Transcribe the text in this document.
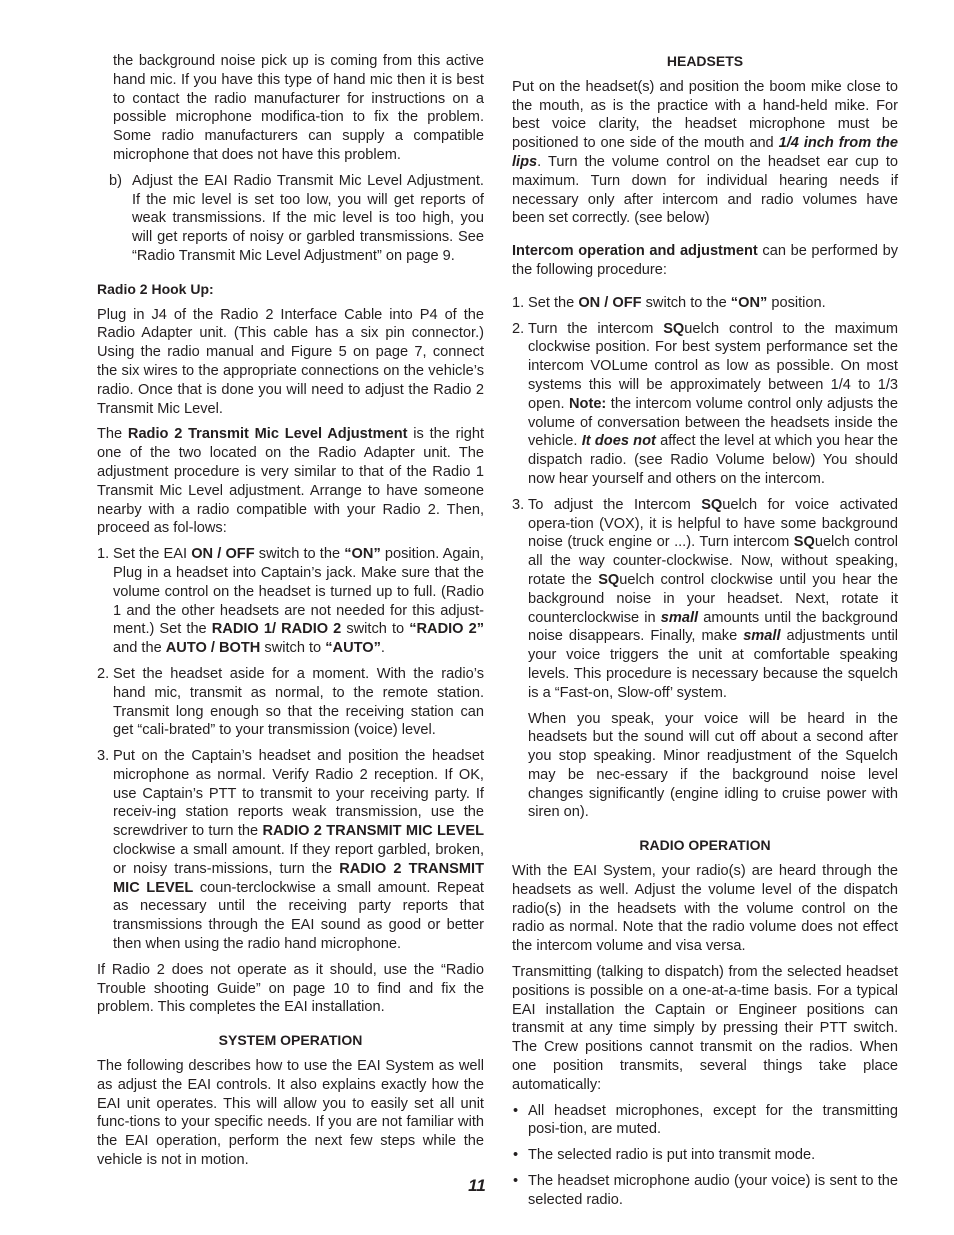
the background noise pick up is coming from this active hand mic. If you have this type of hand mic then it is best to contact the radio manufacturer for instructions on a possible microphone modifica-tion to fix the problem. Some radio manufacturers can supply a compatible microphone that does not have this problem.

b) Adjust the EAI Radio Transmit Mic Level Adjustment. If the mic level is set too low, you will get reports of weak transmissions. If the mic level is too high, you will get reports of noisy or garbled transmissions. See “Radio Transmit Mic Level Adjustment” on page 9.

Radio 2 Hook Up:

Plug in J4 of the Radio 2 Interface Cable into P4 of the Radio Adapter unit. (This cable has a six pin connector.) Using the radio manual and Figure 5 on page 7, connect the six wires to the appropriate connections on the vehicle’s radio. Once that is done you will need to adjust the Radio 2 Transmit Mic Level.

The Radio 2 Transmit Mic Level Adjustment is the right one of the two located on the Radio Adapter unit. The adjustment procedure is very similar to that of the Radio 1 Transmit Mic Level adjustment. Arrange to have someone nearby with a radio compatible with your Radio 2. Then, proceed as fol-lows:

1. Set the EAI ON / OFF switch to the “ON” position. Again, Plug in a headset into Captain’s jack. Make sure that the volume control on the headset is turned up to full. (Radio 1 and the other headsets are not needed for this adjust-ment.) Set the RADIO 1/ RADIO 2 switch to “RADIO 2” and the AUTO / BOTH switch to “AUTO”.

2. Set the headset aside for a moment. With the radio’s hand mic, transmit as normal, to the remote station. Transmit long enough so that the receiving station can get “cali-brated” to your transmission (voice) level.

3. Put on the Captain’s headset and position the headset microphone as normal. Verify Radio 2 reception. If OK, use Captain’s PTT to transmit to your receiving party. If receiv-ing station reports weak transmission, use the screwdriver to turn the RADIO 2 TRANSMIT MIC LEVEL clockwise a small amount. If they report garbled, broken, or noisy trans-missions, turn the RADIO 2 TRANSMIT MIC LEVEL coun-terclockwise a small amount. Repeat as necessary until the receiving party reports that transmissions through the EAI sound as good or better then when using the radio hand microphone.

If Radio 2 does not operate as it should, use the “Radio Trouble shooting Guide” on page 10 to find and fix the problem. This completes the EAI installation.

SYSTEM OPERATION

The following describes how to use the EAI System as well as adjust the EAI controls. It also explains exactly how the EAI unit operates. This will allow you to easily set all unit func-tions to your specific needs. If you are not familiar with the EAI operation, perform the next few steps while the vehicle is not in motion.

HEADSETS

Put on the headset(s) and position the boom mike close to the mouth, as is the practice with a hand-held mike. For best voice clarity, the headset microphone must be positioned to one side of the mouth and 1/4 inch from the lips. Turn the volume control on the headset ear cup to maximum. Turn down for individual hearing needs if necessary only after intercom and radio volumes have been set correctly. (see below)

Intercom operation and adjustment can be performed by the following procedure:

1. Set the ON / OFF switch to the “ON” position.

2. Turn the intercom SQuelch control to the maximum clockwise position. For best system performance set the intercom VOLume control as low as possible. On most systems this will be approximately between 1/4 to 1/3 open. Note: the intercom volume control only adjusts the volume of conversation between the headsets inside the vehicle. It does not affect the level at which you hear the dispatch radio. (see Radio Volume below) You should now hear yourself and others on the intercom.

3. To adjust the Intercom SQuelch for voice activated opera-tion (VOX), it is helpful to have some background noise (truck engine or ...). Turn intercom SQuelch control all the way counter-clockwise. Now, without speaking, rotate the SQuelch control clockwise until you hear the background noise in your headset. Next, rotate it counterclockwise in small amounts until the background noise disappears. Finally, make small adjustments until your voice triggers the unit at comfortable speaking levels. This procedure is necessary because the squelch is a “Fast-on, Slow-off’ system.

When you speak, your voice will be heard in the headsets but the sound will cut off about a second after you stop speaking. Minor readjustment of the Squelch may be nec-essary if the background noise level changes significantly (engine idling to cruise power with siren on).

RADIO OPERATION

With the EAI System, your radio(s) are heard through the headsets as well. Adjust the volume level of the dispatch radio(s) in the headsets with the volume control on the radio as normal. Note that the radio volume does not effect the intercom volume and visa versa.

Transmitting (talking to dispatch) from the selected headset positions is possible on a one-at-a-time basis. For a typical EAI installation the Captain or Engineer positions can transmit at any time simply by pressing their PTT switch. The Crew positions cannot transmit on the radios. When one position transmits, several things take place automatically:

• All headset microphones, except for the transmitting posi-tion, are muted.

• The selected radio is put into transmit mode.

• The headset microphone audio (your voice) is sent to the selected radio.

11
